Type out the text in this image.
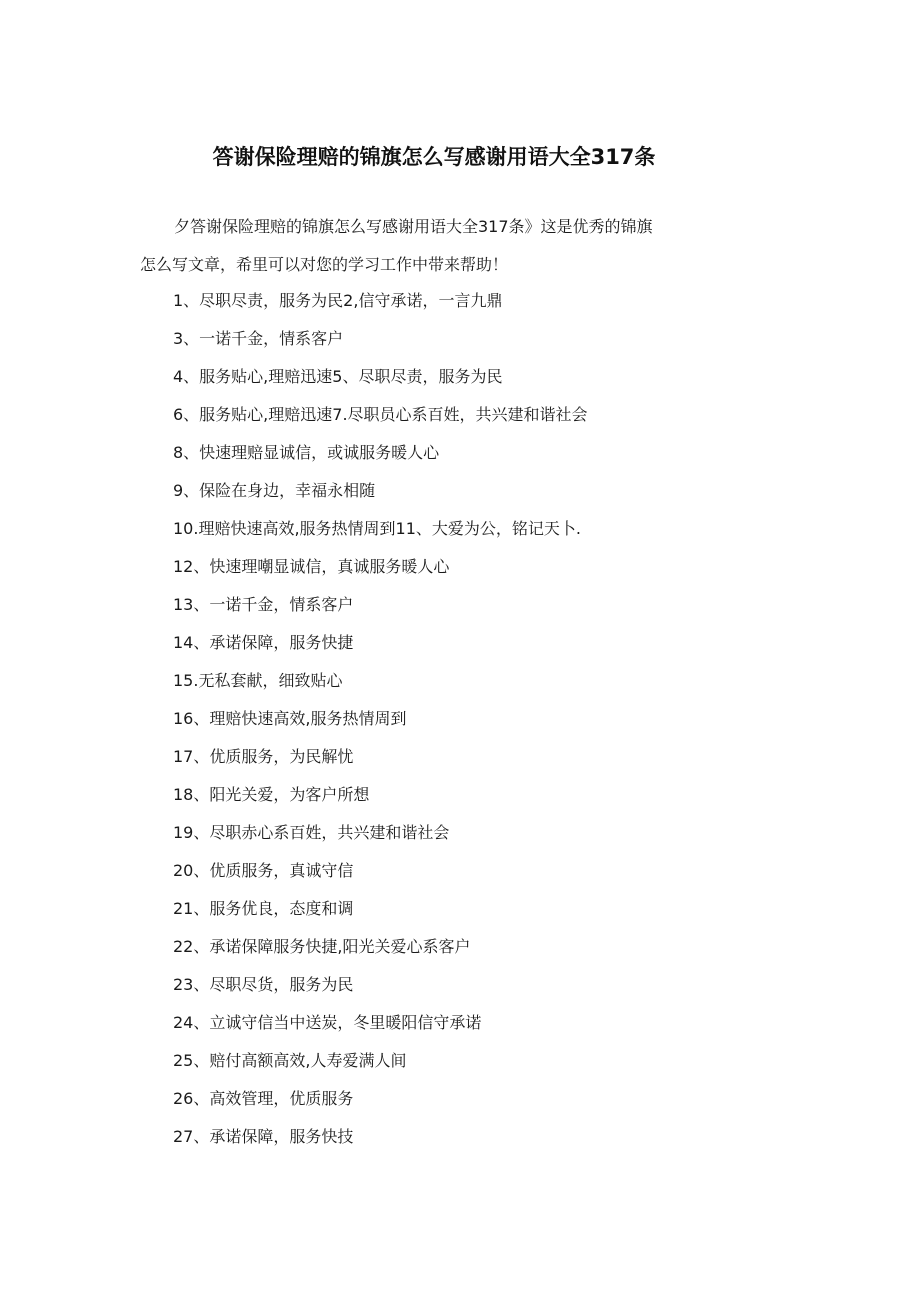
答谢保险理赔的锦旗怎么写感谢用语大全317条
夕答谢保险理赔的锦旗怎么写感谢用语大全317条》这是优秀的锦旗
怎么写文章，希里可以对您的学习工作中带来帮助！
1、尽职尽责，服务为民2,信守承诺，一言九鼎
3、一诺千金，情系客户
4、服务贴心,理赔迅速5、尽职尽责，服务为民
6、服务贴心,理赔迅速7.尽职员心系百姓，共兴建和谐社会
8、快速理赔显诚信，或诚服务暖人心
9、保险在身边，幸福永相随
10.理赔快速高效,服务热情周到11、大爱为公，铭记天卜.
12、快速理嘲显诚信，真诚服务暖人心
13、一诺千金，情系客户
14、承诺保障，服务快捷
15.无私套献，细致贴心
16、理赔快速高效,服务热情周到
17、优质服务，为民解忧
18、阳光关爱，为客户所想
19、尽职赤心系百姓，共兴建和谐社会
20、优质服务，真诚守信
21、服务优良，态度和调
22、承诺保障服务快捷,阳光关爱心系客户
23、尽职尽货，服务为民
24、立诚守信当中送炭，冬里暖阳信守承诺
25、赔付高额高效,人寿爱满人间
26、高效管理，优质服务
27、承诺保障，服务快技
